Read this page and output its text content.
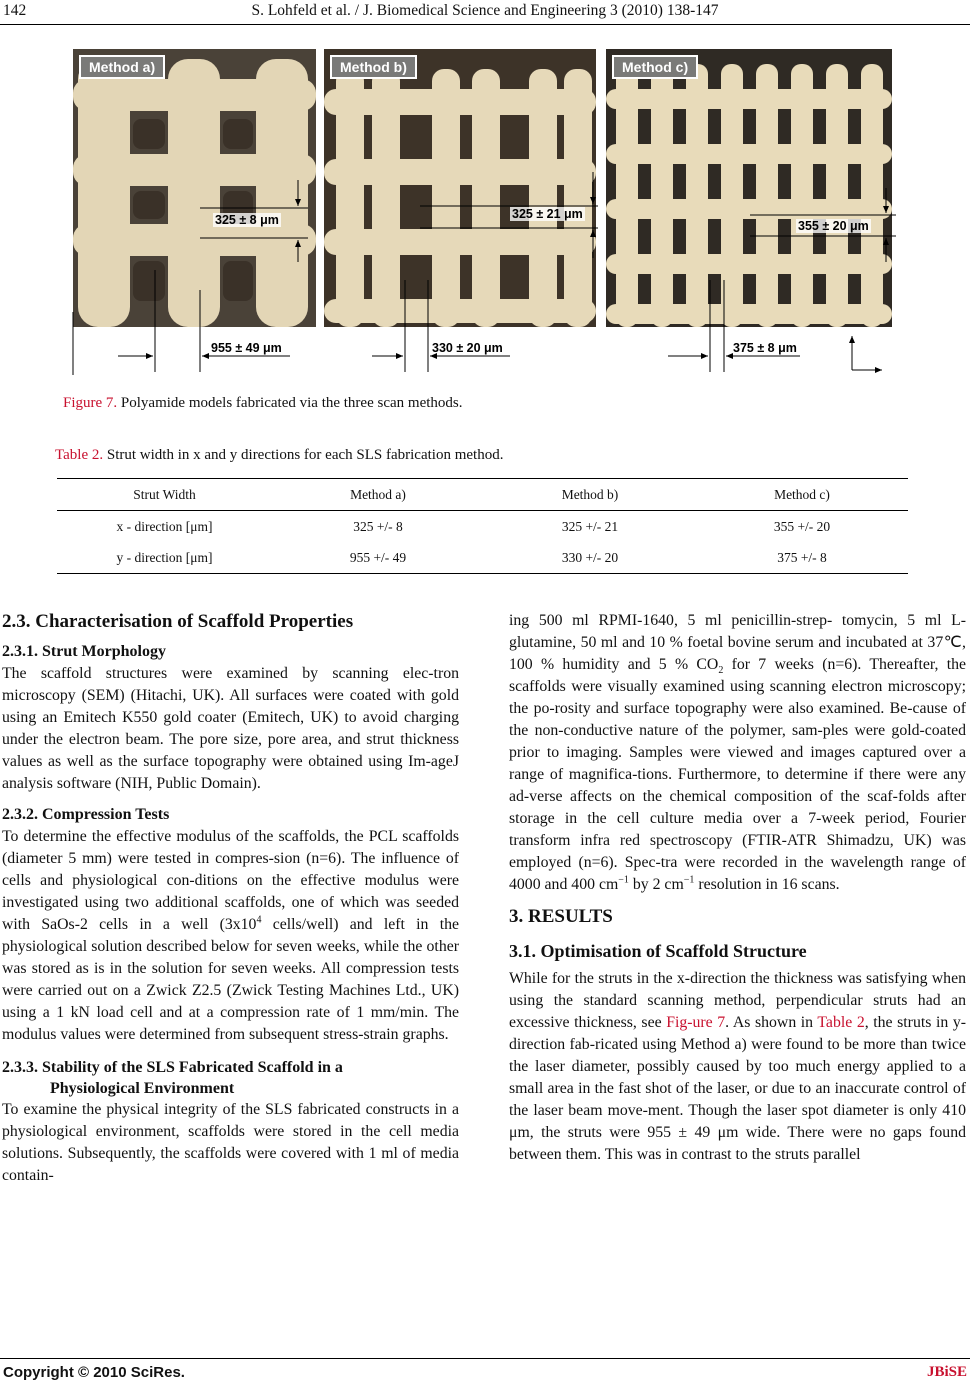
142	S. Lohfeld et al. / J. Biomedical Science and Engineering 3 (2010) 138-147
Method a)
325 ± 8 μm
Method b)
325 ± 21 μm
Method c)
355 ± 20 μm
955 ± 49 μm	330 ± 20 μm	375 ± 8 μm
Figure 7. Polyamide models fabricated via the three scan methods.
Table 2. Strut width in x and y directions for each SLS fabrication method.
Strut Width	Method a)	Method b)	Method c)
x - direction [μm]	325 +/- 8	325 +/- 21	355 +/- 20
y - direction [μm]	955 +/- 49	330 +/- 20	375 +/- 8

2.3. Characterisation of Scaffold Properties

2.3.1. Strut Morphology

The scaffold structures were examined by scanning elec-tron microscopy (SEM) (Hitachi, UK). All surfaces were coated with gold using an Emitech K550 gold coater (Emitech, UK) to avoid charging under the electron beam. The pore size, pore area, and strut thickness values as well as the surface topography were obtained using Im-ageJ analysis software (NIH, Public Domain).

2.3.2. Compression Tests

To determine the effective modulus of the scaffolds, the PCL scaffolds (diameter 5 mm) were tested in compres-sion (n=6). The influence of cells and physiological con-ditions on the effective modulus were investigated using two additional scaffolds, one of which was seeded with SaOs-2 cells in a well ($3x10^4$ cells/well) and left in the physiological solution described below for seven weeks, while the other was stored as is in the solution for seven weeks. All compression tests were carried out on a Zwick Z2.5 (Zwick Testing Machines Ltd., UK) using a 1 kN load cell and at a compression rate of 1 mm/min. The modulus values were determined from subsequent stress-strain graphs.

2.3.3. Stability of the SLS Fabricated Scaffold in a
Physiological Environment

To examine the physical integrity of the SLS fabricated constructs in a physiological environment, scaffolds were stored in the cell media solutions. Subsequently, the scaffolds were covered with 1 ml of media contain-

ing 500 ml RPMI-1640, 5 ml penicillin-strep- tomycin, 5 ml L-glutamine, 50 ml and 10 % foetal bovine serum and incubated at 37℃, 100 % humidity and 5 % $CO_2$ for 7 weeks (n=6). Thereafter, the scaffolds were visually examined using scanning electron microscopy; the po-rosity and surface topography were also examined. Be-cause of the non-conductive nature of the polymer, sam-ples were gold-coated prior to imaging. Samples were viewed and images captured over a range of magnifica-tions. Furthermore, to determine if there were any ad-verse affects on the chemical composition of the scaf-folds after storage in the cell culture media over a 7-week period, Fourier transform infra red spectroscopy (FTIR-ATR Shimadzu, UK) was employed (n=6). Spec-tra were recorded in the wavelength range of 4000 and 400 $cm^{-1}$ by 2 $cm^{-1}$ resolution in 16 scans.

3. RESULTS

3.1. Optimisation of Scaffold Structure

While for the struts in the x-direction the thickness was satisfying when using the standard scanning method, perpendicular struts had an excessive thickness, see Fig-ure 7. As shown in Table 2, the struts in y-direction fab-ricated using Method a) were found to be more than twice the laser diameter, possibly caused by too much energy applied to a small area in the fast shot of the laser, or due to an inaccurate control of the laser beam move-ment. Though the laser spot diameter is only 410 μm, the struts were 955 ± 49 μm wide. There were no gaps found between them. This was in contrast to the struts parallel

Copyright © 2010 SciRes.	JBiSE
